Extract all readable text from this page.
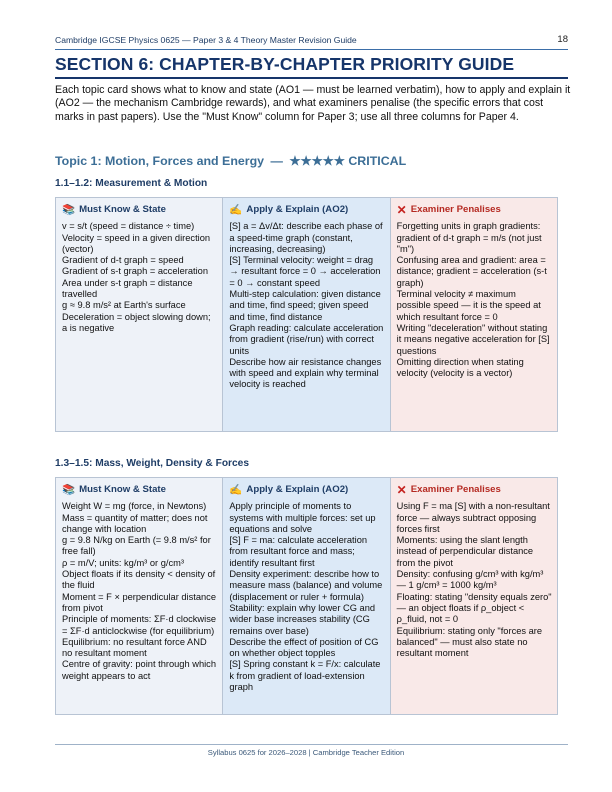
Cambridge IGCSE Physics 0625 — Paper 3 & 4 Theory Master Revision Guide	18
SECTION 6: CHAPTER-BY-CHAPTER PRIORITY GUIDE

Each topic card shows what to know and state (AO1 — must be learned verbatim), how to apply and explain it (AO2 — the mechanism Cambridge rewards), and what examiners penalise (the specific errors that cost marks in past papers). Use the "Must Know" column for Paper 3; use all three columns for Paper 4.

Topic 1: Motion, Forces and Energy — ★★★★★ CRITICAL
1.1–1.2: Measurement & Motion
📚 Must Know & State

v = s/t (speed = distance ÷ time)

Velocity = speed in a given direction (vector)

Gradient of d-t graph = speed

Gradient of s-t graph = acceleration

Area under s-t graph = distance travelled

g ≈ 9.8 m/s² at Earth's surface

Deceleration = object slowing down; a is negative

✍ Apply & Explain (AO2)

[S] a = Δv/Δt: describe each phase of a speed-time graph (constant, increasing, decreasing)

[S] Terminal velocity: weight = drag → resultant force = 0 → acceleration = 0 → constant speed

Multi-step calculation: given distance and time, find speed; given speed and time, find distance

Graph reading: calculate acceleration from gradient (rise/run) with correct units

Describe how air resistance changes with speed and explain why terminal velocity is reached

✕ Examiner Penalises

Forgetting units in graph gradients: gradient of d-t graph = m/s (not just "m")

Confusing area and gradient: area = distance; gradient = acceleration (s-t graph)

Terminal velocity ≠ maximum possible speed — it is the speed at which resultant force = 0

Writing "deceleration" without stating it means negative acceleration for [S] questions

Omitting direction when stating velocity (velocity is a vector)

1.3–1.5: Mass, Weight, Density & Forces
📚 Must Know & State

Weight W = mg (force, in Newtons)

Mass = quantity of matter; does not change with location

g = 9.8 N/kg on Earth (= 9.8 m/s² for free fall)

ρ = m/V; units: kg/m³ or g/cm³

Object floats if its density < density of the fluid

Moment = F × perpendicular distance from pivot

Principle of moments: ΣF·d clockwise = ΣF·d anticlockwise (for equilibrium)

Equilibrium: no resultant force AND no resultant moment

Centre of gravity: point through which weight appears to act

✍ Apply & Explain (AO2)

Apply principle of moments to systems with multiple forces: set up equations and solve

[S] F = ma: calculate acceleration from resultant force and mass; identify resultant first

Density experiment: describe how to measure mass (balance) and volume (displacement or ruler + formula)

Stability: explain why lower CG and wider base increases stability (CG remains over base)

Describe the effect of position of CG on whether object topples

[S] Spring constant k = F/x: calculate k from gradient of load-extension graph

✕ Examiner Penalises

Using F = ma [S] with a non-resultant force — always subtract opposing forces first

Moments: using the slant length instead of perpendicular distance from the pivot

Density: confusing g/cm³ with kg/m³ — 1 g/cm³ = 1000 kg/m³

Floating: stating "density equals zero" — an object floats if ρ_object < ρ_fluid, not = 0

Equilibrium: stating only "forces are balanced" — must also state no resultant moment

Syllabus 0625 for 2026–2028 | Cambridge Teacher Edition
